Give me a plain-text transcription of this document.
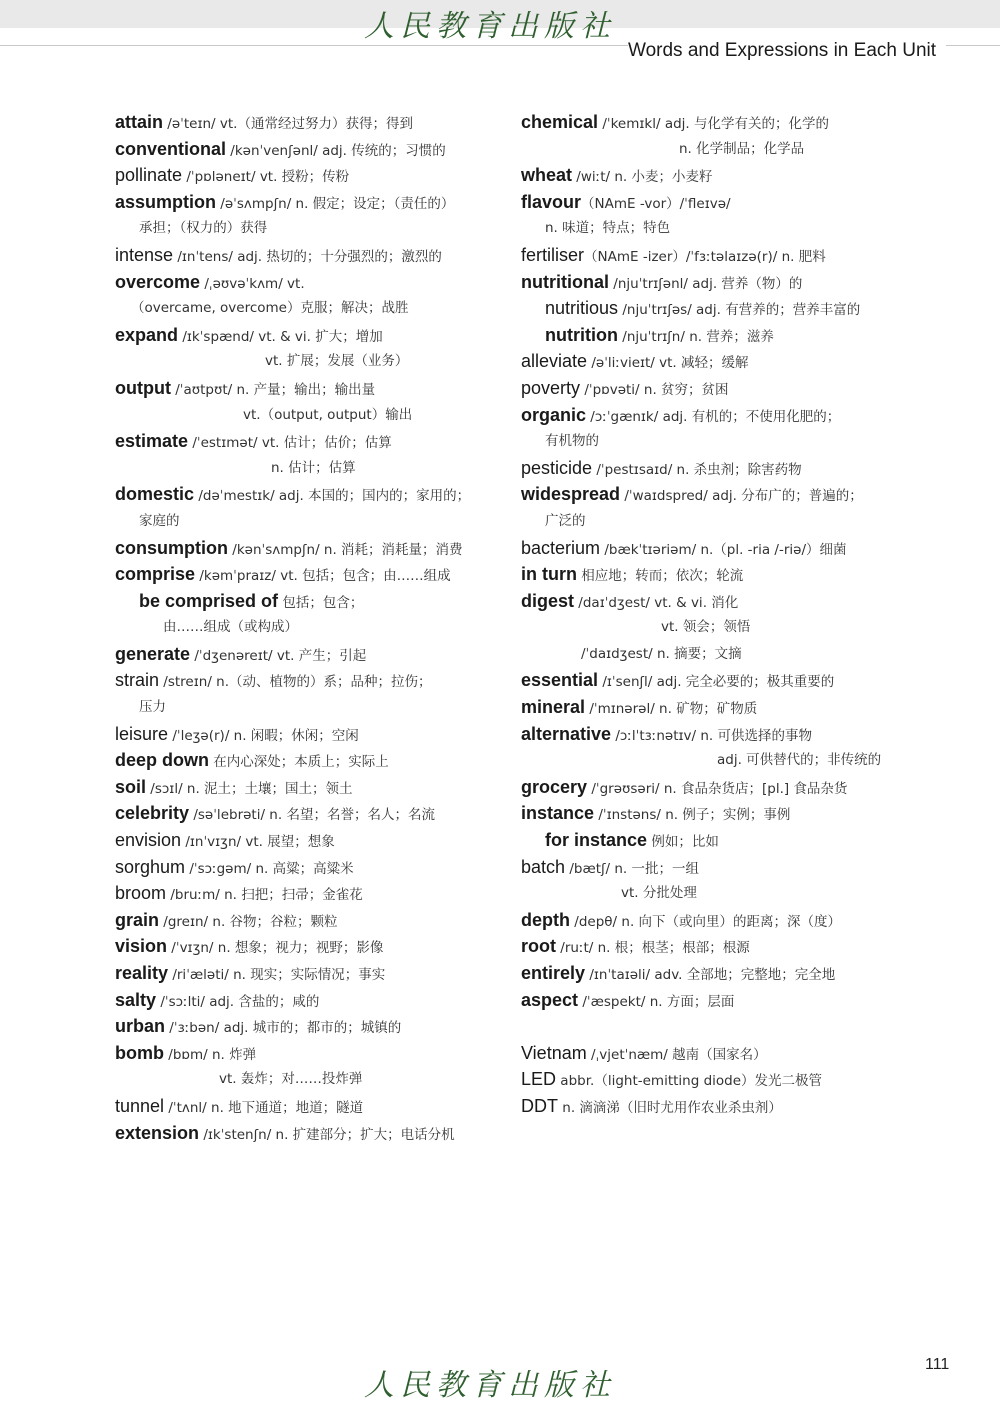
人民教育出版社
Words and Expressions in Each Unit
attain /əˈteɪn/ vt.（通常经过努力）获得；得到
conventional /kənˈvenʃənl/ adj. 传统的；习惯的
pollinate /ˈpɒləneɪt/ vt. 授粉；传粉
assumption /əˈsʌmpʃn/ n. 假定；设定；（责任的）
承担；（权力的）获得
intense /ɪnˈtens/ adj. 热切的；十分强烈的；激烈的
overcome /ˌəʊvəˈkʌm/ vt.
（overcame, overcome）克服；解决；战胜
expand /ɪkˈspænd/ vt. & vi. 扩大；增加
vt. 扩展；发展（业务）
output /ˈaʊtpʊt/ n. 产量；输出；输出量
vt.（output, output）输出
estimate /ˈestɪmət/ vt. 估计；估价；估算
n. 估计；估算
domestic /dəˈmestɪk/ adj. 本国的；国内的；家用的；
家庭的
consumption /kənˈsʌmpʃn/ n. 消耗；消耗量；消费
comprise /kəmˈpraɪz/ vt. 包括；包含；由……组成
be comprised of 包括；包含；
由……组成（或构成）
generate /ˈdʒenəreɪt/ vt. 产生；引起
strain /streɪn/ n.（动、植物的）系；品种；拉伤；
压力
leisure /ˈleʒə(r)/ n. 闲暇；休闲；空闲
deep down 在内心深处；本质上；实际上
soil /sɔɪl/ n. 泥土；土壤；国土；领土
celebrity /səˈlebrəti/ n. 名望；名誉；名人；名流
envision /ɪnˈvɪʒn/ vt. 展望；想象
sorghum /ˈsɔːgəm/ n. 高粱；高粱米
broom /bruːm/ n. 扫把；扫帚；金雀花
grain /greɪn/ n. 谷物；谷粒；颗粒
vision /ˈvɪʒn/ n. 想象；视力；视野；影像
reality /riˈæləti/ n. 现实；实际情况；事实
salty /ˈsɔːlti/ adj. 含盐的；咸的
urban /ˈɜːbən/ adj. 城市的；都市的；城镇的
bomb /bɒm/ n. 炸弹
vt. 轰炸；对……投炸弹
tunnel /ˈtʌnl/ n. 地下通道；地道；隧道
extension /ɪkˈstenʃn/ n. 扩建部分；扩大；电话分机
chemical /ˈkemɪkl/ adj. 与化学有关的；化学的
n. 化学制品；化学品
wheat /wiːt/ n. 小麦；小麦籽
flavour（NAmE -vor）/ˈfleɪvə/
n. 味道；特点；特色
fertiliser（NAmE -izer）/ˈfɜːtəlaɪzə(r)/ n. 肥料
nutritional /njuˈtrɪʃənl/ adj. 营养（物）的
nutritious /njuˈtrɪʃəs/ adj. 有营养的；营养丰富的
nutrition /njuˈtrɪʃn/ n. 营养；滋养
alleviate /əˈliːvieɪt/ vt. 减轻；缓解
poverty /ˈpɒvəti/ n. 贫穷；贫困
organic /ɔːˈgænɪk/ adj. 有机的；不使用化肥的；
有机物的
pesticide /ˈpestɪsaɪd/ n. 杀虫剂；除害药物
widespread /ˈwaɪdspred/ adj. 分布广的；普遍的；
广泛的
bacterium /bækˈtɪəriəm/ n.（pl. -ria /-riə/）细菌
in turn 相应地；转而；依次；轮流
digest /daɪˈdʒest/ vt. & vi. 消化
vt. 领会；领悟
/ˈdaɪdʒest/ n. 摘要；文摘
essential /ɪˈsenʃl/ adj. 完全必要的；极其重要的
mineral /ˈmɪnərəl/ n. 矿物；矿物质
alternative /ɔːlˈtɜːnətɪv/ n. 可供选择的事物
adj. 可供替代的；非传统的
grocery /ˈgrəʊsəri/ n. 食品杂货店；[pl.] 食品杂货
instance /ˈɪnstəns/ n. 例子；实例；事例
for instance 例如；比如
batch /bætʃ/ n. 一批；一组
vt. 分批处理
depth /depθ/ n. 向下（或向里）的距离；深（度）
root /ruːt/ n. 根；根茎；根部；根源
entirely /ɪnˈtaɪəli/ adv. 全部地；完整地；完全地
aspect /ˈæspekt/ n. 方面；层面
Vietnam /ˌvjetˈnæm/ 越南（国家名）
LED abbr.（light-emitting diode）发光二极管
DDT n. 滴滴涕（旧时尤用作农业杀虫剂）
111
人民教育出版社
